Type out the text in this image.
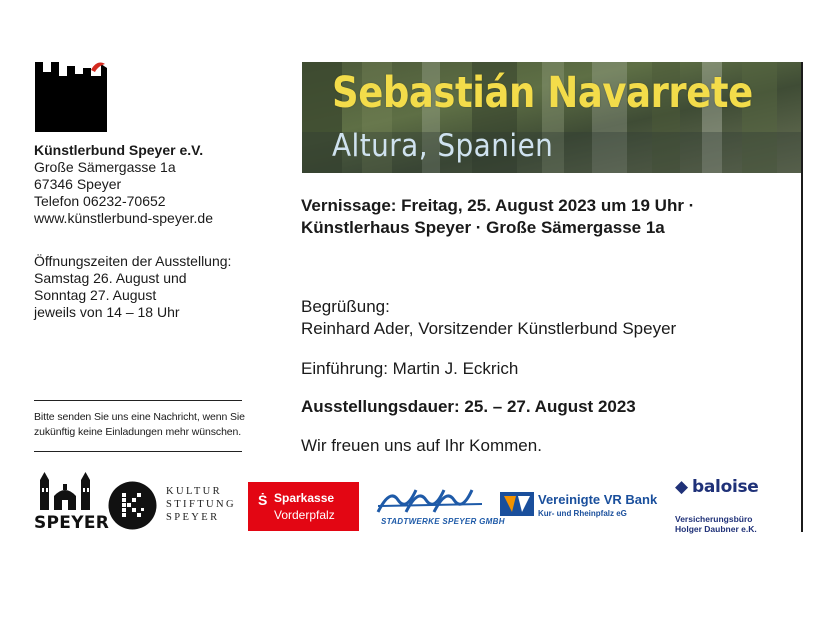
Künstlerbund Speyer e.V.
Große Sämergasse 1a
67346 Speyer
Telefon 06232-70652
www.künstlerbund-speyer.de
Öffnungszeiten der Ausstellung:
Samstag 26. August und
Sonntag 27. August
jeweils von 14 – 18 Uhr
Bitte senden Sie uns eine Nachricht, wenn Sie
zukünftig keine Einladungen mehr wünschen.
Sebastián Navarrete
Altura, Spanien
Vernissage: Freitag, 25. August 2023 um 19 Uhr ·
Künstlerhaus Speyer · Große Sämergasse 1a
Begrüßung:
Reinhard Ader, Vorsitzender Künstlerbund Speyer
Einführung: Martin J. Eckrich
Ausstellungsdauer: 25. – 27. August 2023
Wir freuen uns auf Ihr Kommen.
SPEYER
KULTUR
STIFTUNG
SPEYER
Ṡ Sparkasse
Vorderpfalz	STADTWERKE SPEYER GMBH
Vereinigte VR Bank
Kur- und Rheinpfalz eG
◆ baloise
Versicherungsbüro
Holger Daubner e.K.
